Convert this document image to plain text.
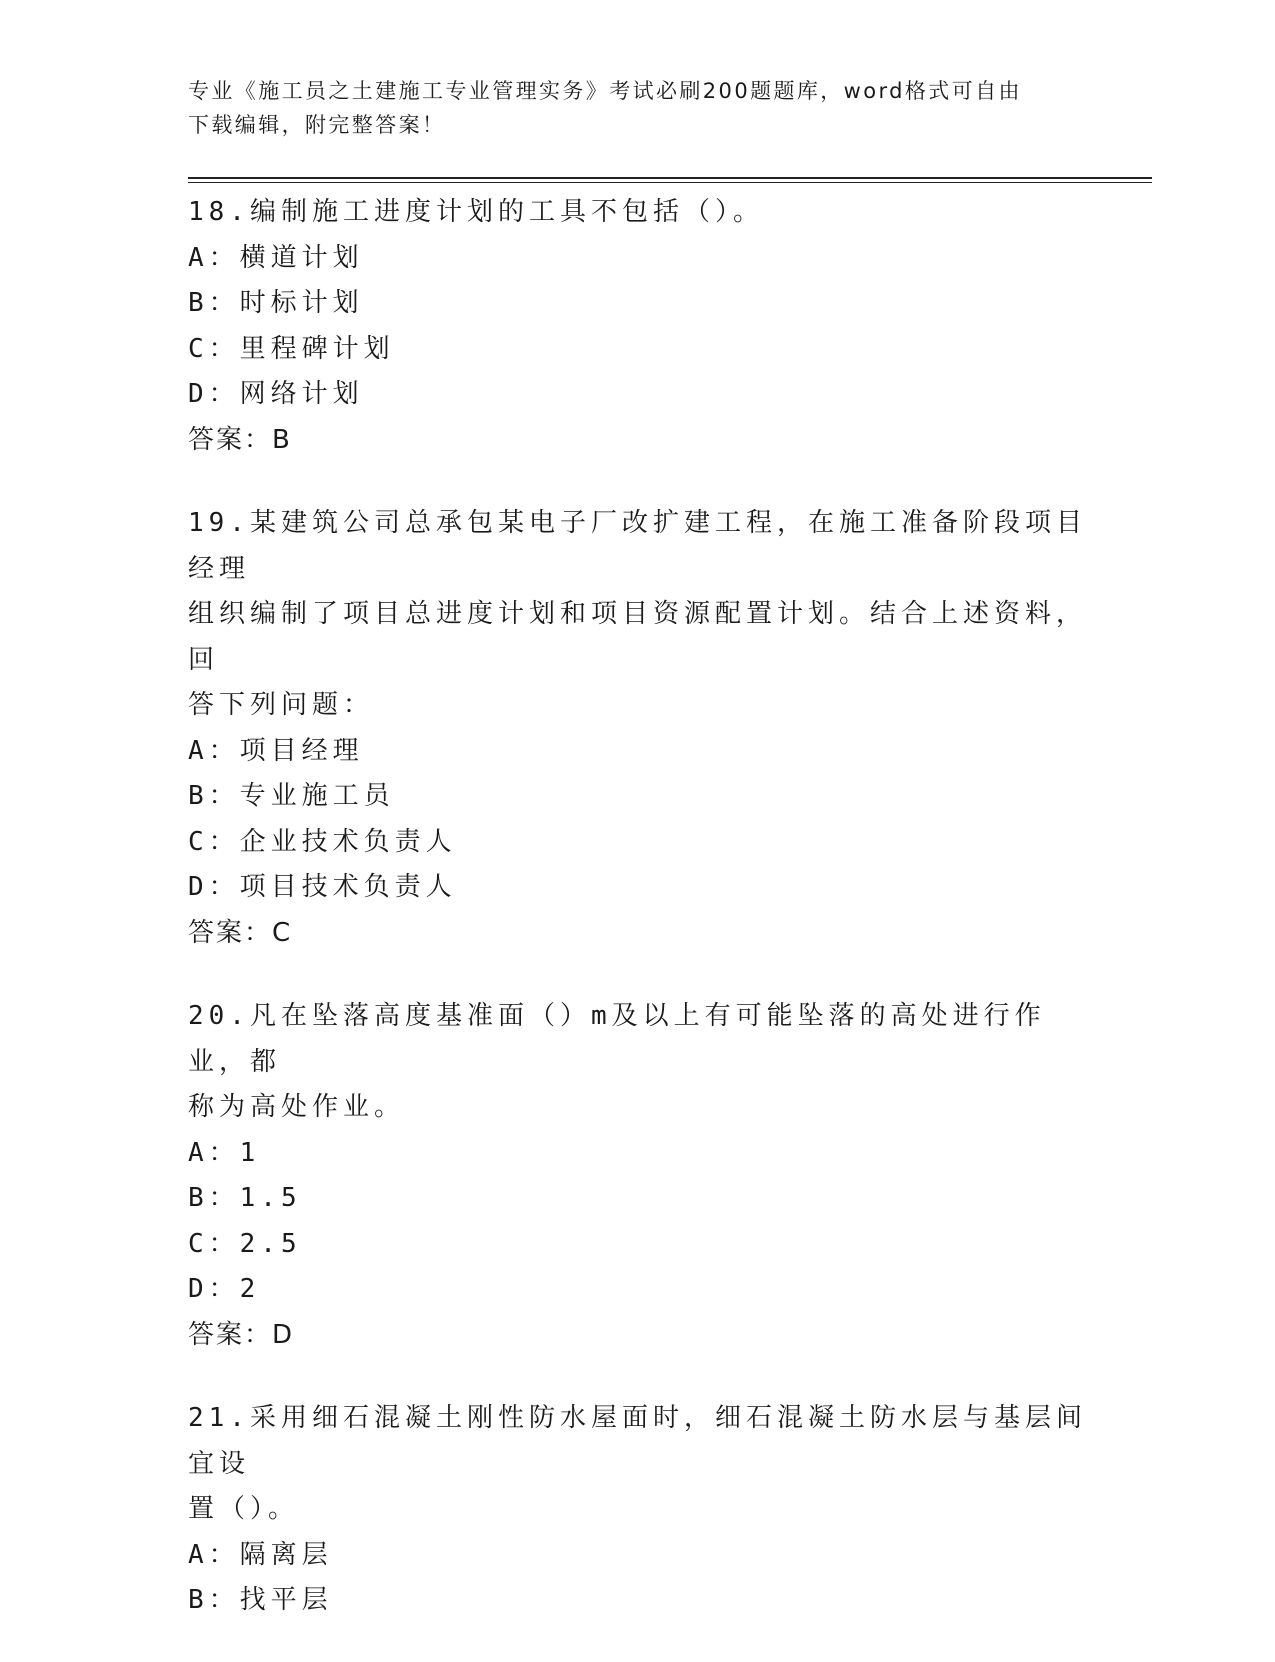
专业《施工员之土建施工专业管理实务》考试必刷200题题库，word格式可自由
下载编辑，附完整答案！
18.编制施工进度计划的工具不包括（）。
A：横道计划
B：时标计划
C：里程碑计划
D：网络计划
答案：B
19.某建筑公司总承包某电子厂改扩建工程，在施工准备阶段项目经理
组织编制了项目总进度计划和项目资源配置计划。结合上述资料，回
答下列问题：
A：项目经理
B：专业施工员
C：企业技术负责人
D：项目技术负责人
答案：C
20.凡在坠落高度基准面（）m及以上有可能坠落的高处进行作业，都
称为高处作业。
A：1
B：1.5
C：2.5
D：2
答案：D
21.采用细石混凝土刚性防水屋面时，细石混凝土防水层与基层间宜设
置（）。
A：隔离层
B：找平层
